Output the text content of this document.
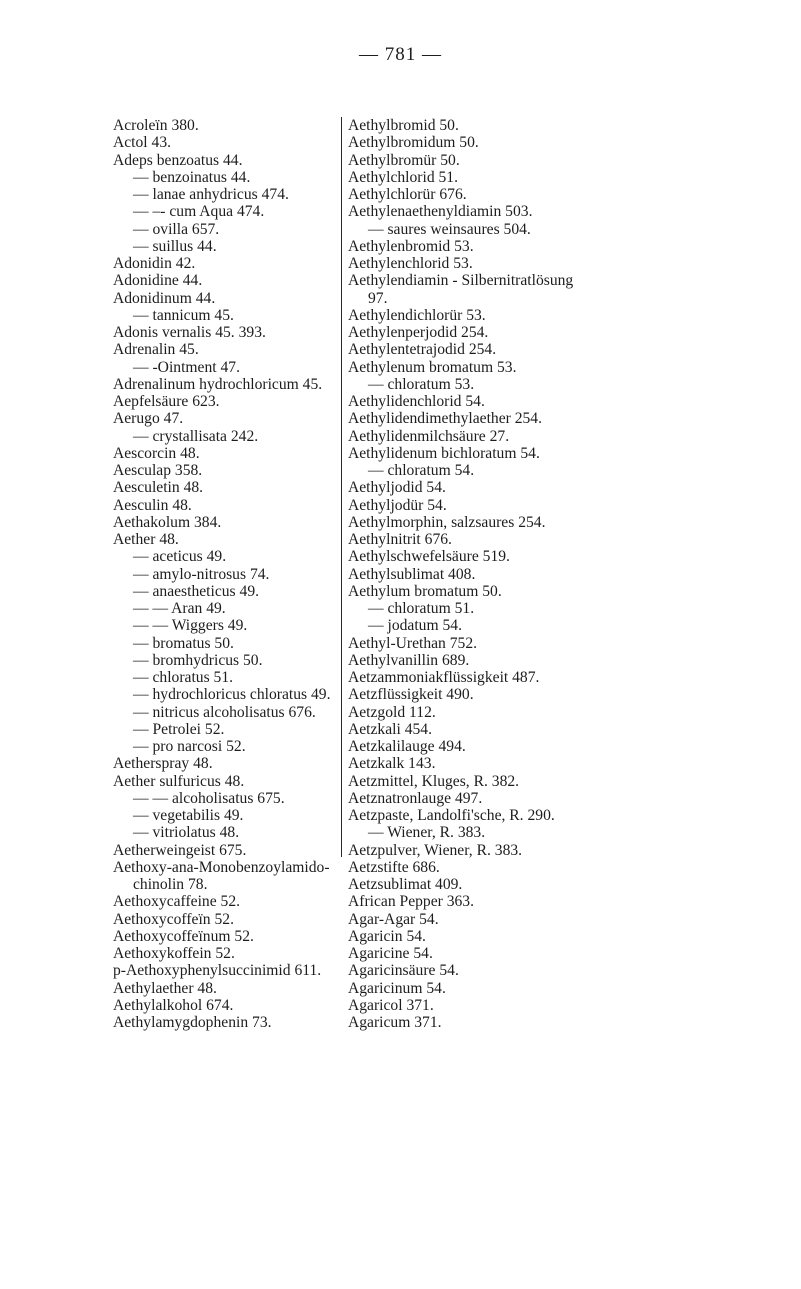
— 781 —
Acroleïn 380.
Actol 43.
Adeps benzoatus 44.
— benzoinatus 44.
— lanae anhydricus 474.
— –- cum Aqua 474.
— ovilla 657.
— suillus 44.
Adonidin 42.
Adonidine 44.
Adonidinum 44.
— tannicum 45.
Adonis vernalis 45. 393.
Adrenalin 45.
— -Ointment 47.
Adrenalinum hydrochloricum 45.
Aepfelsäure 623.
Aerugo 47.
— crystallisata 242.
Aescorcin 48.
Aesculap 358.
Aesculetin 48.
Aesculin 48.
Aethakolum 384.
Aether 48.
— aceticus 49.
— amylo-nitrosus 74.
— anaestheticus 49.
— — Aran 49.
— — Wiggers 49.
— bromatus 50.
— bromhydricus 50.
— chloratus 51.
— hydrochloricus chloratus 49.
— nitricus alcoholisatus 676.
— Petrolei 52.
— pro narcosi 52.
Aetherspray 48.
Aether sulfuricus 48.
— — alcoholisatus 675.
— vegetabilis 49.
— vitriolatus 48.
Aetherweingeist 675.
Aethoxy-ana-Monobenzoylamido-
chinolin 78.
Aethoxycaffeine 52.
Aethoxycoffeïn 52.
Aethoxycoffeïnum 52.
Aethoxykoffein 52.
p-Aethoxyphenylsuccinimid 611.
Aethylaether 48.
Aethylalkohol 674.
Aethylamygdophenin 73.
Aethylbromid 50.
Aethylbromidum 50.
Aethylbromür 50.
Aethylchlorid 51.
Aethylchlorür 676.
Aethylenaethenyldiamin 503.
— saures weinsaures 504.
Aethylenbromid 53.
Aethylenchlorid 53.
Aethylendiamin - Silbernitratlösung
97.
Aethylendichlorür 53.
Aethylenperjodid 254.
Aethylentetrajodid 254.
Aethylenum bromatum 53.
— chloratum 53.
Aethylidenchlorid 54.
Aethylidendimethylaether 254.
Aethylidenmilchsäure 27.
Aethylidenum bichloratum 54.
— chloratum 54.
Aethyljodid 54.
Aethyljodür 54.
Aethylmorphin, salzsaures 254.
Aethylnitrit 676.
Aethylschwefelsäure 519.
Aethylsublimat 408.
Aethylum bromatum 50.
— chloratum 51.
— jodatum 54.
Aethyl-Urethan 752.
Aethylvanillin 689.
Aetzammoniakflüssigkeit 487.
Aetzflüssigkeit 490.
Aetzgold 112.
Aetzkali 454.
Aetzkalilauge 494.
Aetzkalk 143.
Aetzmittel, Kluges, R. 382.
Aetznatronlauge 497.
Aetzpaste, Landolfi'sche, R. 290.
— Wiener, R. 383.
Aetzpulver, Wiener, R. 383.
Aetzstifte 686.
Aetzsublimat 409.
African Pepper 363.
Agar-Agar 54.
Agaricin 54.
Agaricine 54.
Agaricinsäure 54.
Agaricinum 54.
Agaricol 371.
Agaricum 371.
